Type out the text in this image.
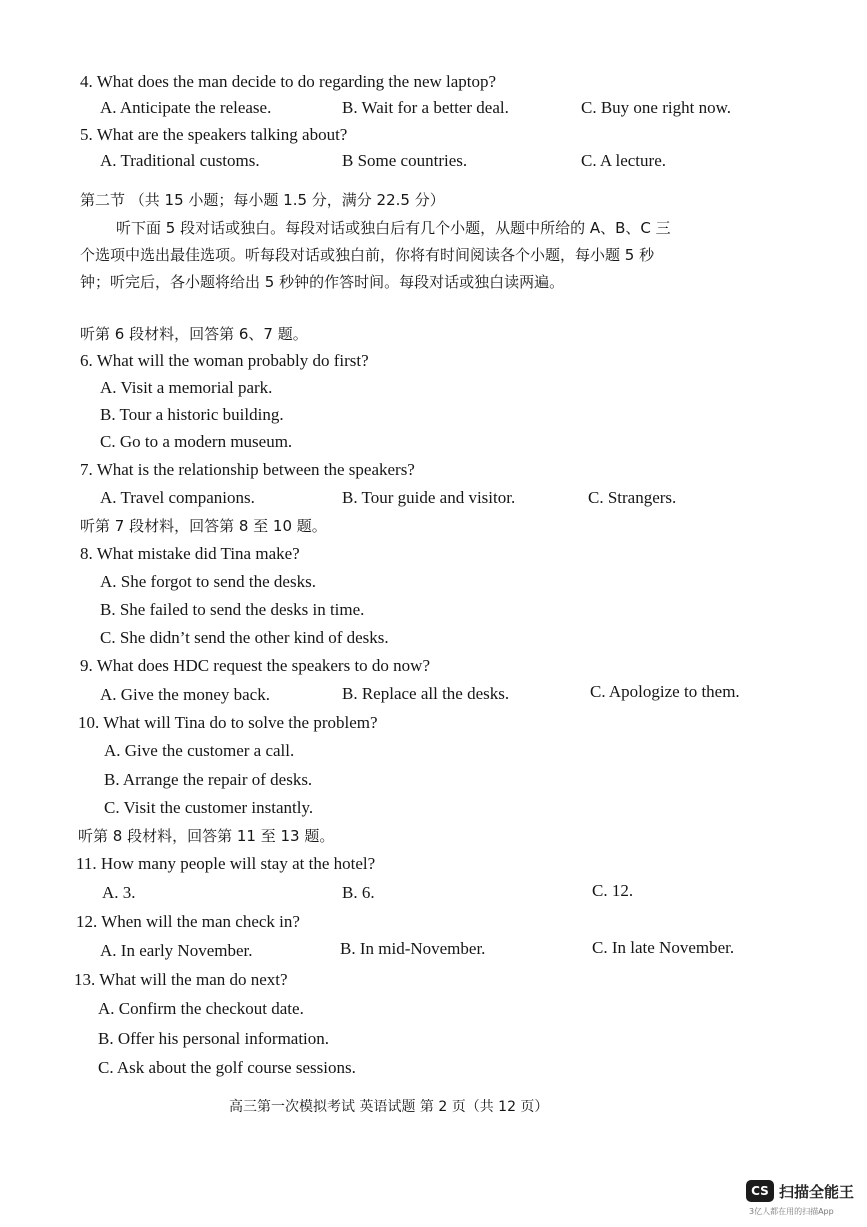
4. What does the man decide to do regarding the new laptop?
A. Anticipate the release.	B. Wait for a better deal.	C. Buy one right now.
5. What are the speakers talking about?
A. Traditional customs.	B Some countries.	C. A lecture.
第二节 （共 15 小题；每小题 1.5 分，满分 22.5 分）
听下面 5 段对话或独白。每段对话或独白后有几个小题，从题中所给的 A、B、C 三
个选项中选出最佳选项。听每段对话或独白前，你将有时间阅读各个小题，每小题 5 秒
钟；听完后，各小题将给出 5 秒钟的作答时间。每段对话或独白读两遍。
听第 6 段材料，回答第 6、7 题。
6. What will the woman probably do first?
A. Visit a memorial park.
B. Tour a historic building.
C. Go to a modern museum.
7. What is the relationship between the speakers?
A. Travel companions.	B. Tour guide and visitor.	C. Strangers.
听第 7 段材料，回答第 8 至 10 题。
8. What mistake did Tina make?
A. She forgot to send the desks.
B. She failed to send the desks in time.
C. She didn’t send the other kind of desks.
9. What does HDC request the speakers to do now?
A. Give the money back.	B. Replace all the desks.	C. Apologize to them.
10. What will Tina do to solve the problem?
A. Give the customer a call.
B. Arrange the repair of desks.
C. Visit the customer instantly.
听第 8 段材料，回答第 11 至 13 题。
11. How many people will stay at the hotel?
A. 3.	B. 6.	C. 12.
12. When will the man check in?
A. In early November.	B. In mid-November.	C. In late November.
13. What will the man do next?
A. Confirm the checkout date.
B. Offer his personal information.
C. Ask about the golf course sessions.
高三第一次模拟考试 英语试题 第 2 页（共 12 页）
CS 扫描全能王
3亿人都在用的扫描App
